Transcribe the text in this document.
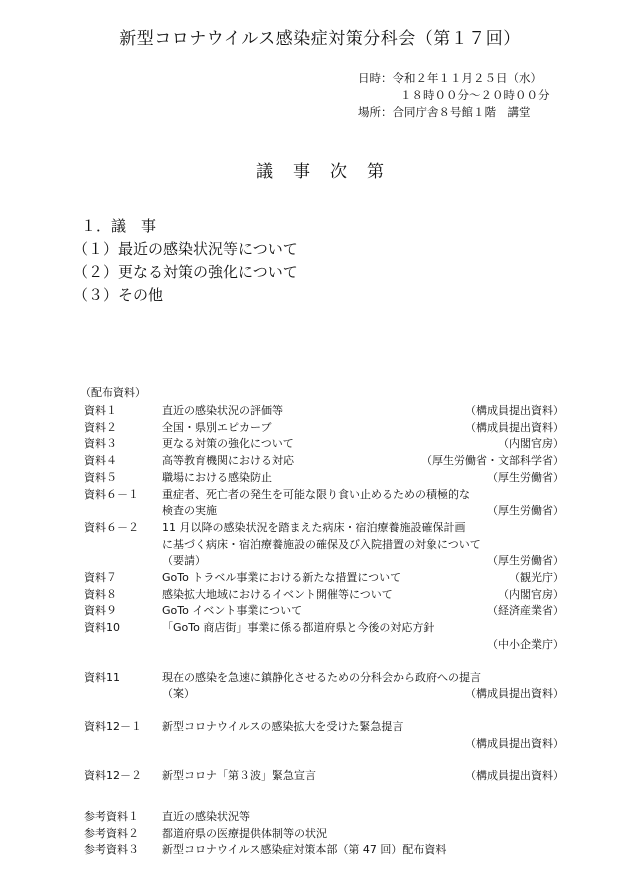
新型コロナウイルス感染症対策分科会（第１７回）
日時：令和２年１１月２５日（水）
１８時００分～２０時００分
場所：合同庁舎８号館１階　講堂
議事次第
１．議　事
（１）最近の感染状況等について
（２）更なる対策の強化について
（３）その他
（配布資料）
資料１	直近の感染状況の評価等	（構成員提出資料）
資料２	全国・県別エピカーブ	（構成員提出資料）
資料３	更なる対策の強化について	（内閣官房）
資料４	高等教育機関における対応	（厚生労働省・文部科学省）
資料５	職場における感染防止	（厚生労働省）
資料６－１	重症者、死亡者の発生を可能な限り食い止めるための積極的な
検査の実施	（厚生労働省）
資料６－２	11 月以降の感染状況を踏まえた病床・宿泊療養施設確保計画
に基づく病床・宿泊療養施設の確保及び入院措置の対象について
（要請）	（厚生労働省）
資料７	GoTo トラベル事業における新たな措置について	（観光庁）
資料８	感染拡大地域におけるイベント開催等について	（内閣官房）
資料９	GoTo イベント事業について	（経済産業省）
資料10	「GoTo 商店街」事業に係る都道府県と今後の対応方針
（中小企業庁）
資料11	現在の感染を急速に鎮静化させるための分科会から政府への提言
（案）	（構成員提出資料）
資料12－１	新型コロナウイルスの感染拡大を受けた緊急提言
（構成員提出資料）
資料12－２	新型コロナ「第３波」緊急宣言	（構成員提出資料）
参考資料１	直近の感染状況等
参考資料２	都道府県の医療提供体制等の状況
参考資料３	新型コロナウイルス感染症対策本部（第 47 回）配布資料
